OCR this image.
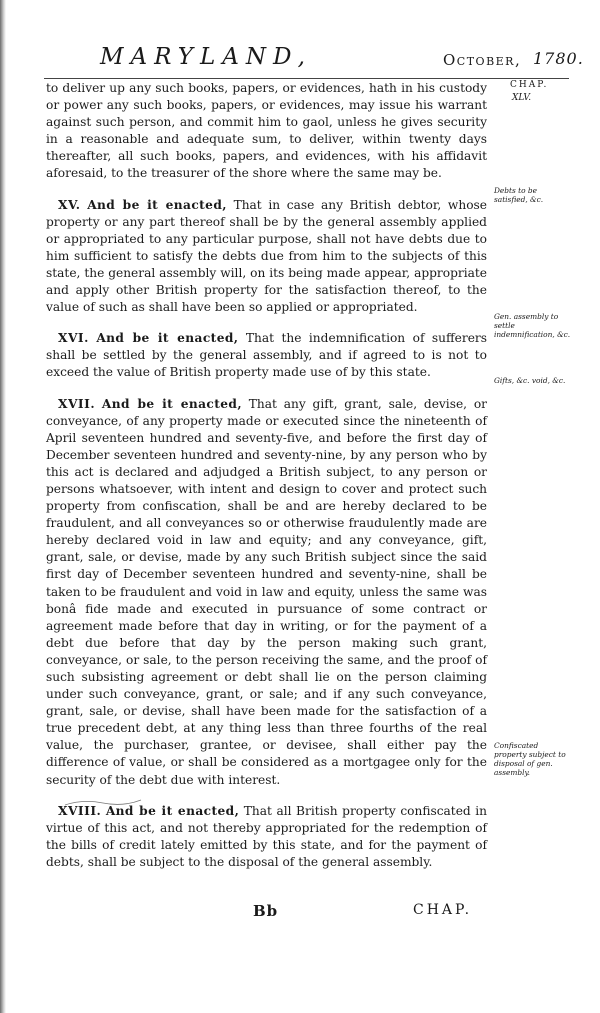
MARYLAND,	October, 1780.
CHAP.
XLV.

to deliver up any such books, papers, or evidences, hath in his custody or power any such books, papers, or evidences, may issue his warrant against such person, and commit him to gaol, unless he gives security in a reasonable and adequate sum, to deliver, within twenty days thereafter, all such books, papers, and evidences, with his affidavit aforesaid, to the treasurer of the shore where the same may be.

XV. And be it enacted, That in case any British debtor, whose property or any part thereof shall be by the general assembly applied or appropriated to any particular purpose, shall not have debts due to him sufficient to satisfy the debts due from him to the subjects of this state, the general assembly will, on its being made appear, appropriate and apply other British property for the satisfaction thereof, to the value of such as shall have been so applied or appropriated.

XVI. And be it enacted, That the indemnification of sufferers shall be settled by the general assembly, and if agreed to is not to exceed the value of British property made use of by this state.

XVII. And be it enacted, That any gift, grant, sale, devise, or conveyance, of any property made or executed since the nineteenth of April seventeen hundred and seventy-five, and before the first day of December seventeen hundred and seventy-nine, by any person who by this act is declared and adjudged a British subject, to any person or persons whatsoever, with intent and design to cover and protect such property from confiscation, shall be and are hereby declared to be fraudulent, and all conveyances so or otherwise fraudulently made are hereby declared void in law and equity; and any conveyance, gift, grant, sale, or devise, made by any such British subject since the said first day of December seventeen hundred and seventy-nine, shall be taken to be fraudulent and void in law and equity, unless the same was bonâ fide made and executed in pursuance of some contract or agreement made before that day in writing, or for the payment of a debt due before that day by the person making such grant, conveyance, or sale, to the person receiving the same, and the proof of such subsisting agreement or debt shall lie on the person claiming under such conveyance, grant, or sale; and if any such conveyance, grant, sale, or devise, shall have been made for the satisfaction of a true precedent debt, at any thing less than three fourths of the real value, the purchaser, grantee, or devisee, shall either pay the difference of value, or shall be considered as a mortgagee only for the security of the debt due with interest.

XVIII. And be it enacted, That all British property confiscated in virtue of this act, and not thereby appropriated for the redemption of the bills of credit lately emitted by this state, and for the payment of debts, shall be subject to the disposal of the general assembly.

Debts to be satisfied, &c.
Gen. assembly to settle indemnification, &c.
Gifts, &c. void, &c.
Confiscated property subject to disposal of gen. assembly.
Bb	CHAP.
